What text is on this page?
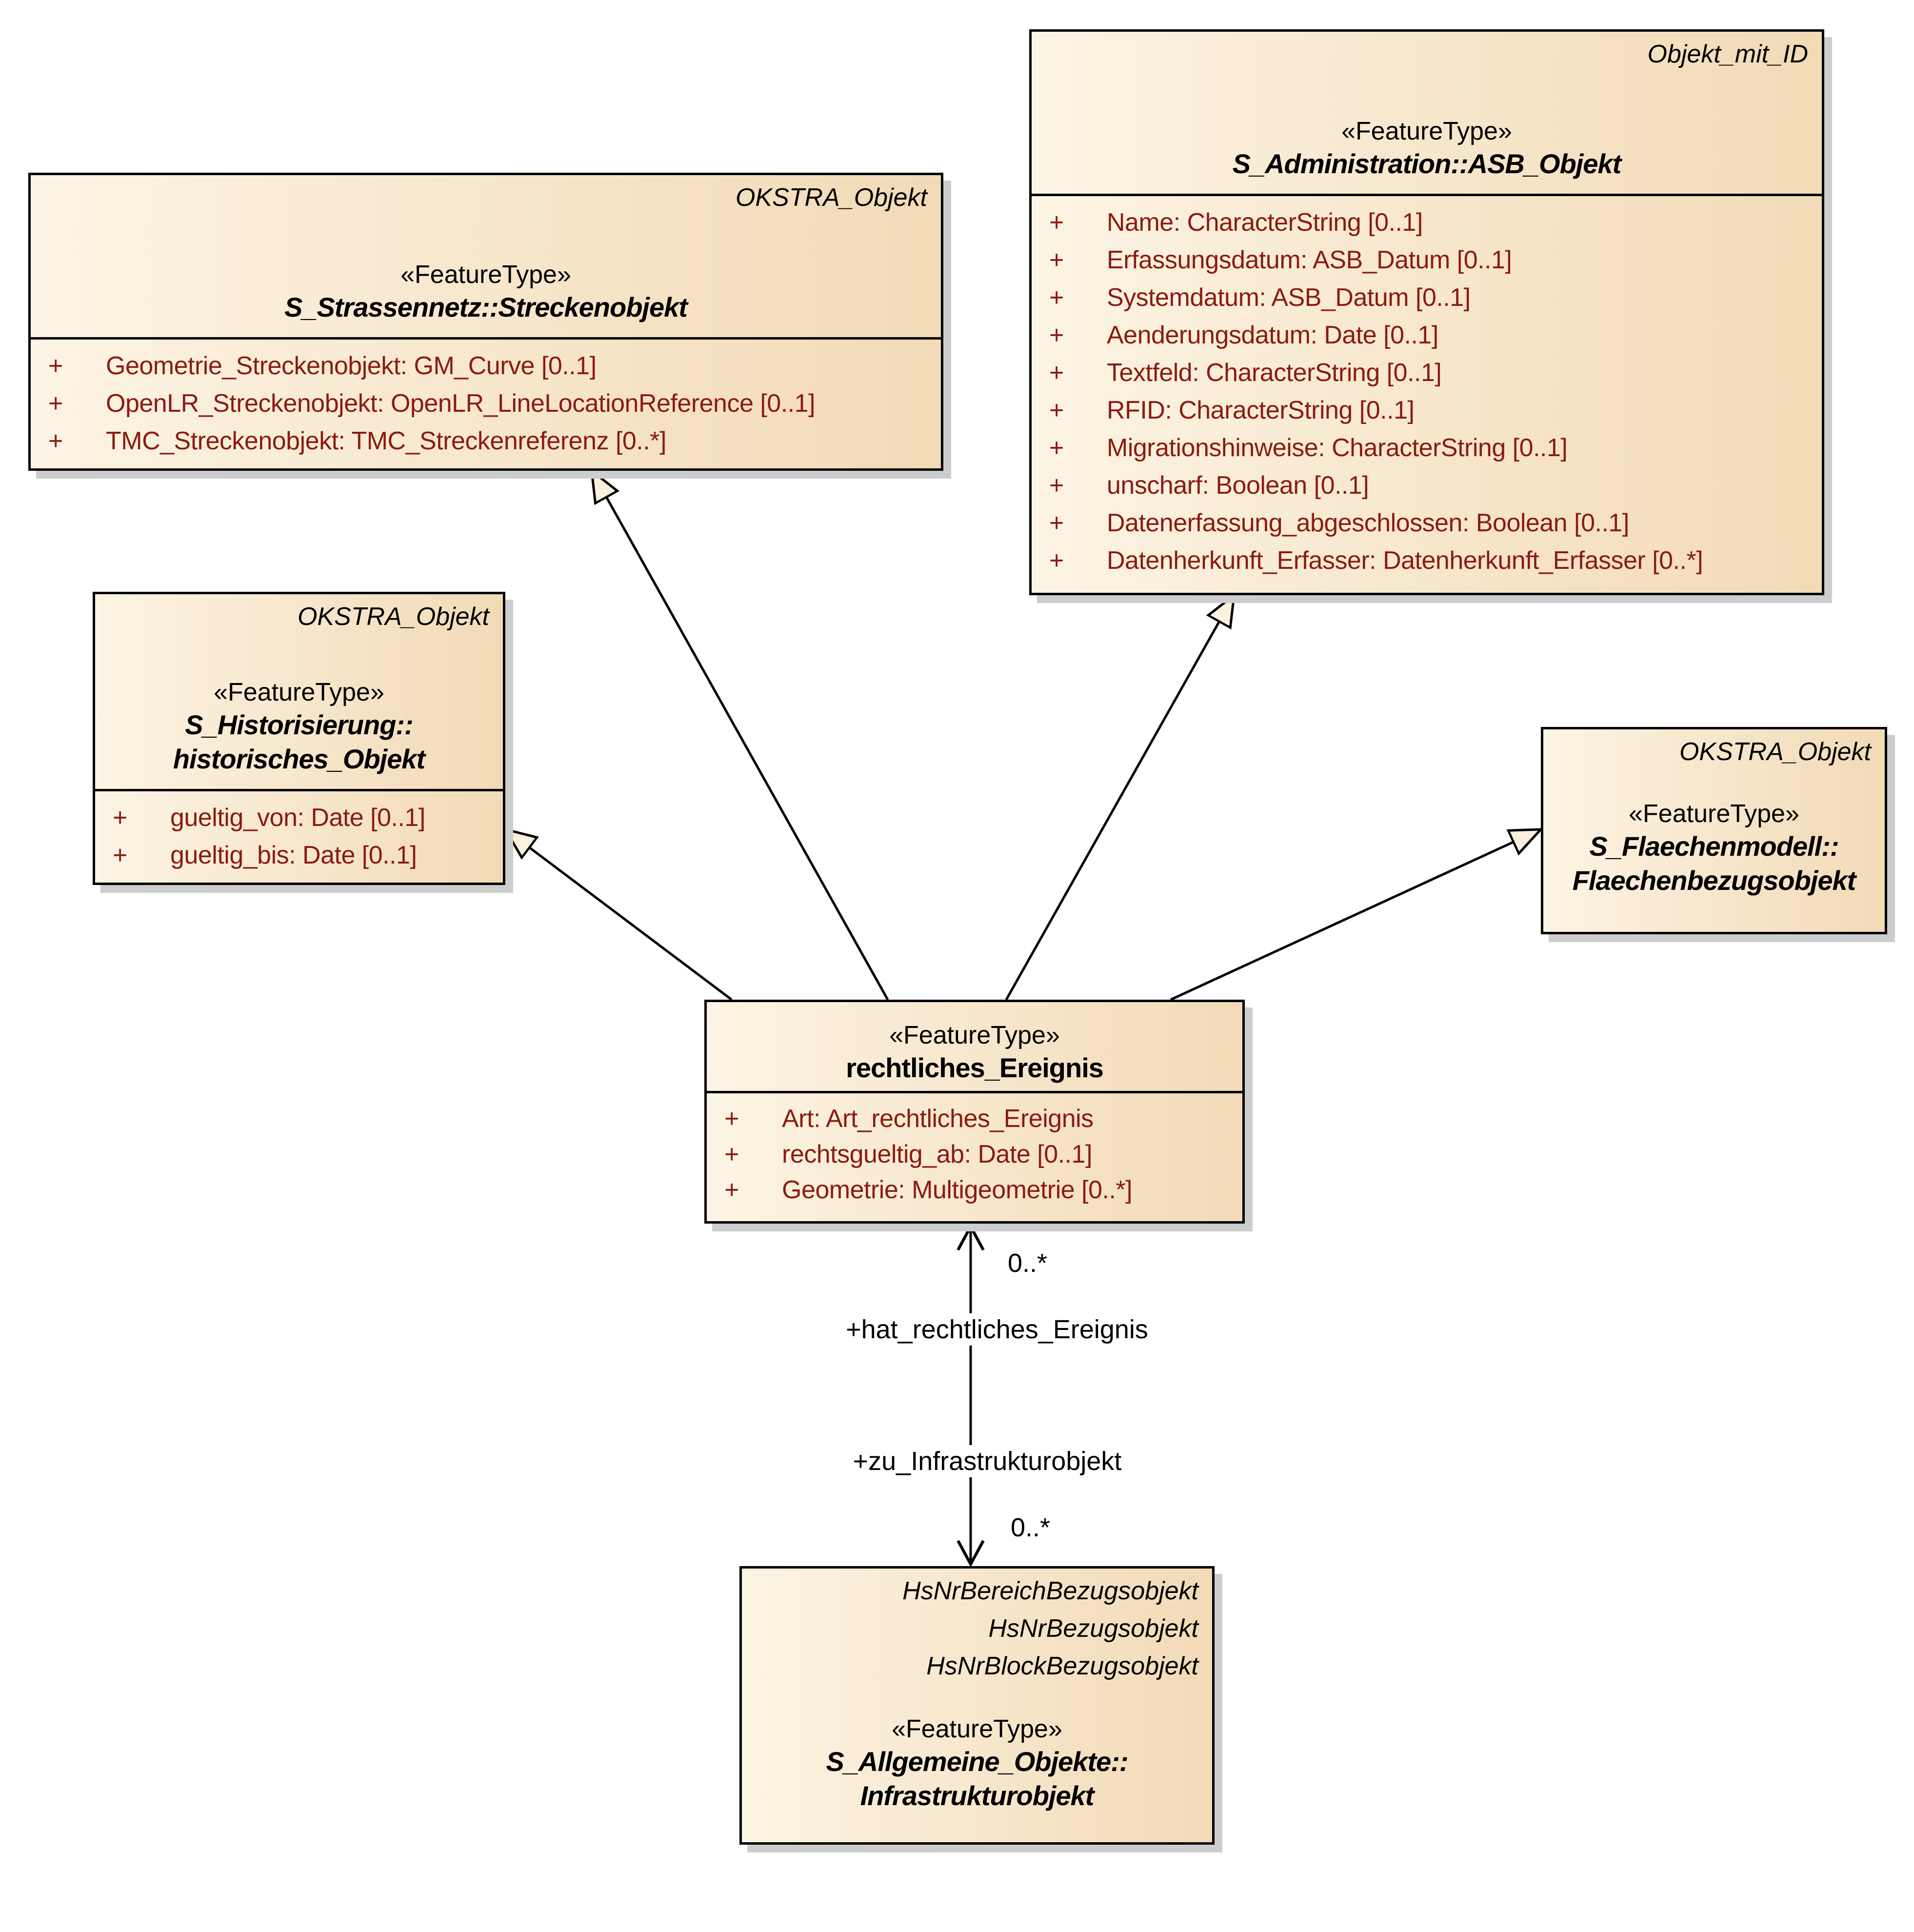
OKSTRA_Objekt
«FeatureType»
S_Strassennetz::Streckenobjekt
+	Geometrie_Streckenobjekt: GM_Curve [0..1]
+	OpenLR_Streckenobjekt: OpenLR_LineLocationReference [0..1]
+	TMC_Streckenobjekt: TMC_Streckenreferenz [0..*]
Objekt_mit_ID
«FeatureType»
S_Administration::ASB_Objekt
+	Name: CharacterString [0..1]
+	Erfassungsdatum: ASB_Datum [0..1]
+	Systemdatum: ASB_Datum [0..1]
+	Aenderungsdatum: Date [0..1]
+	Textfeld: CharacterString [0..1]
+	RFID: CharacterString [0..1]
+	Migrationshinweise: CharacterString [0..1]
+	unscharf: Boolean [0..1]
+	Datenerfassung_abgeschlossen: Boolean [0..1]
+	Datenherkunft_Erfasser: Datenherkunft_Erfasser [0..*]
OKSTRA_Objekt
«FeatureType»
S_Historisierung::
historisches_Objekt
+	gueltig_von: Date [0..1]
+	gueltig_bis: Date [0..1]
OKSTRA_Objekt
«FeatureType»
S_Flaechenmodell::
Flaechenbezugsobjekt
«FeatureType»
rechtliches_Ereignis
+	Art: Art_rechtliches_Ereignis
+	rechtsgueltig_ab: Date [0..1]
+	Geometrie: Multigeometrie [0..*]
HsNrBereichBezugsobjekt
HsNrBezugsobjekt
HsNrBlockBezugsobjekt
«FeatureType»
S_Allgemeine_Objekte::
Infrastrukturobjekt
0..*
+hat_rechtliches_Ereignis
+zu_Infrastrukturobjekt
0..*
